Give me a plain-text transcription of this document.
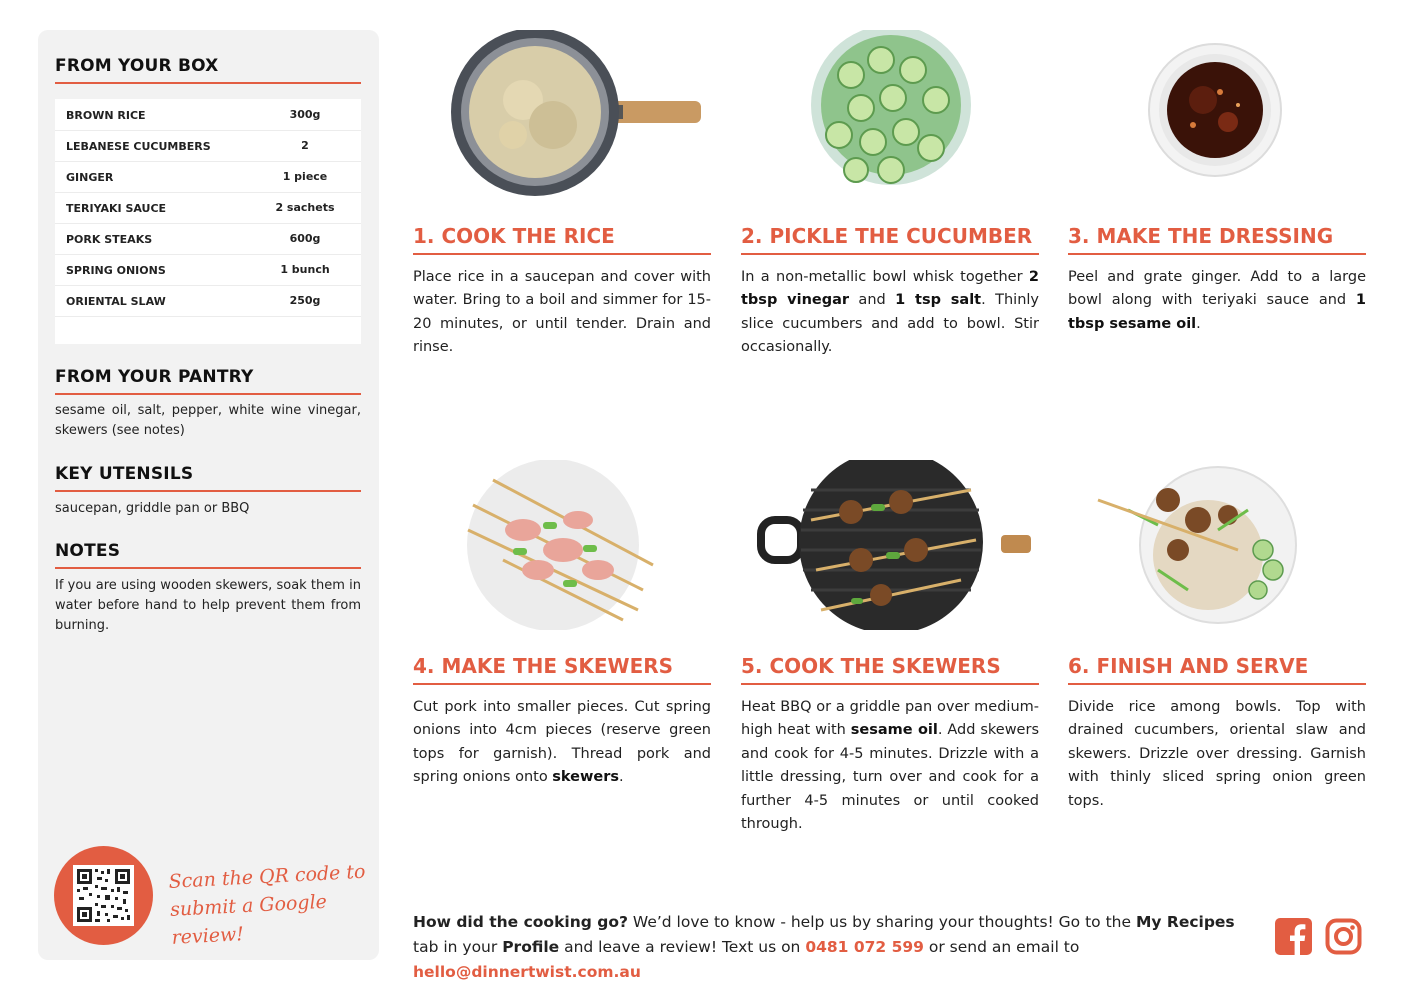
FROM YOUR BOX
BROWN RICE	300g
LEBANESE CUCUMBERS	2
GINGER	1 piece
TERIYAKI SAUCE	2 sachets
PORK STEAKS	600g
SPRING ONIONS	1 bunch
ORIENTAL SLAW	250g
FROM YOUR PANTRY
sesame oil, salt, pepper, white wine vinegar, skewers (see notes)
KEY UTENSILS
saucepan, griddle pan or BBQ
NOTES
If you are using wooden skewers, soak them in water before hand to help prevent them from burning.
Scan the QR code to
submit a Google review!
1. COOK THE RICE
Place rice in a saucepan and cover with water. Bring to a boil and simmer for 15-20 minutes, or until tender. Drain and rinse.
2. PICKLE THE CUCUMBER
In a non-metallic bowl whisk together 2 tbsp vinegar and 1 tsp salt. Thinly slice cucumbers and add to bowl. Stir occasionally.
3. MAKE THE DRESSING
Peel and grate ginger. Add to a large bowl along with teriyaki sauce and 1 tbsp sesame oil.
4. MAKE THE SKEWERS
Cut pork into smaller pieces. Cut spring onions into 4cm pieces (reserve green tops for garnish). Thread pork and spring onions onto skewers.
5. COOK THE SKEWERS
Heat BBQ or a griddle pan over medium-high heat with sesame oil. Add skewers and cook for 4-5 minutes. Drizzle with a little dressing, turn over and cook for a further 4-5 minutes or until cooked through.
6. FINISH AND SERVE
Divide rice among bowls. Top with drained cucumbers, oriental slaw and skewers. Drizzle over dressing. Garnish with thinly sliced spring onion green tops.
How did the cooking go? We’d love to know - help us by sharing your thoughts! Go to the My Recipes tab in your Profile and leave a review! Text us on 0481 072 599 or send an email to hello@dinnertwist.com.au
